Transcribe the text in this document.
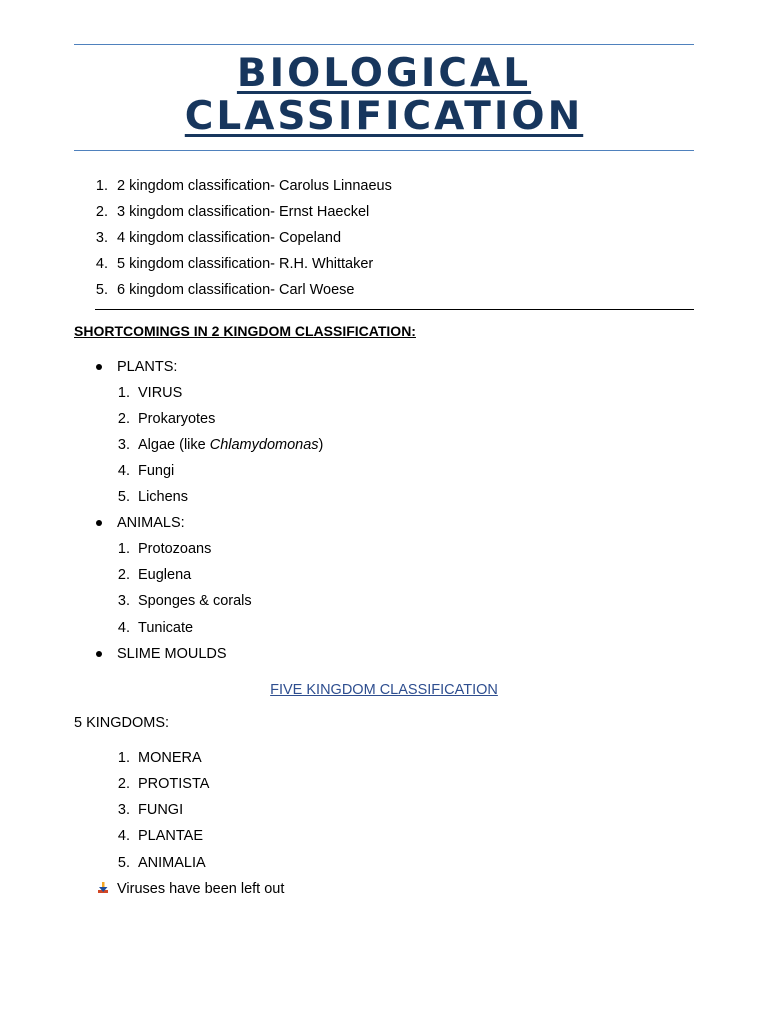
BIOLOGICAL
CLASSIFICATION
1. 2 kingdom classification- Carolus Linnaeus
2. 3 kingdom classification- Ernst Haeckel
3. 4 kingdom classification- Copeland
4. 5 kingdom classification- R.H. Whittaker
5. 6 kingdom classification- Carl Woese
SHORTCOMINGS IN 2 KINGDOM CLASSIFICATION:
PLANTS:
1. VIRUS
2. Prokaryotes
3. Algae (like Chlamydomonas)
4. Fungi
5. Lichens
ANIMALS:
1. Protozoans
2. Euglena
3. Sponges & corals
4. Tunicate
SLIME MOULDS
FIVE KINGDOM CLASSIFICATION
5 KINGDOMS:
1. MONERA
2. PROTISTA
3. FUNGI
4. PLANTAE
5. ANIMALIA
Viruses have been left out
